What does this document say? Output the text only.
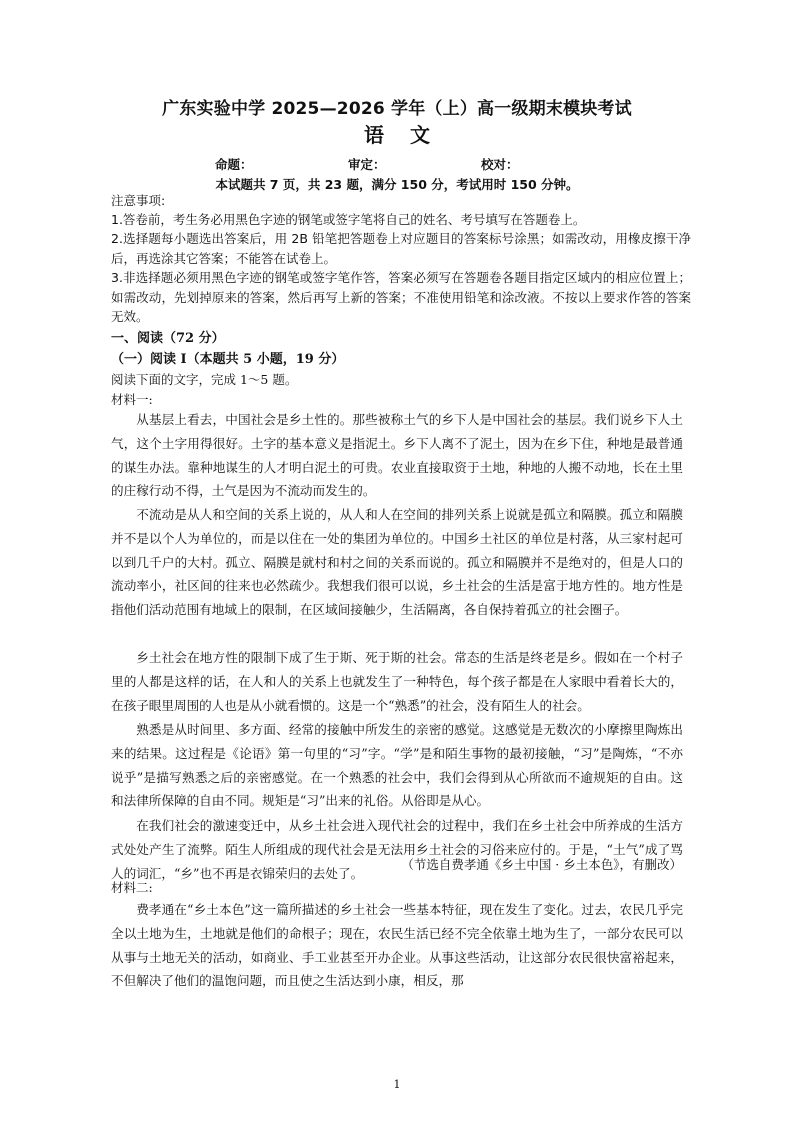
广东实验中学 2025—2026 学年（上）高一级期末模块考试
语文
命题：	审定：	校对：
本试题共 7 页，共 23 题，满分 150 分，考试用时 150 分钟。
注意事项:
1.答卷前，考生务必用黑色字迹的钢笔或签字笔将自己的姓名、考号填写在答题卷上。
2.选择题每小题选出答案后，用 2B 铅笔把答题卷上对应题目的答案标号涂黑；如需改动，用橡皮擦干净后，再选涂其它答案；不能答在试卷上。
3.非选择题必须用黑色字迹的钢笔或签字笔作答，答案必须写在答题卷各题目指定区域内的相应位置上；如需改动，先划掉原来的答案，然后再写上新的答案；不准使用铅笔和涂改液。不按以上要求作答的答案无效。
一、阅读（72 分）
（一）阅读 I（本题共 5 小题，19 分）
阅读下面的文字，完成 1～5 题。
材料一:
从基层上看去，中国社会是乡土性的。那些被称土气的乡下人是中国社会的基层。我们说乡下人土气，这个土字用得很好。土字的基本意义是指泥土。乡下人离不了泥土，因为在乡下住，种地是最普通的谋生办法。靠种地谋生的人才明白泥土的可贵。农业直接取资于土地，种地的人搬不动地，长在土里的庄稼行动不得，土气是因为不流动而发生的。
不流动是从人和空间的关系上说的，从人和人在空间的排列关系上说就是孤立和隔膜。孤立和隔膜并不是以个人为单位的，而是以住在一处的集团为单位的。中国乡土社区的单位是村落，从三家村起可以到几千户的大村。孤立、隔膜是就村和村之间的关系而说的。孤立和隔膜并不是绝对的，但是人口的流动率小，社区间的往来也必然疏少。我想我们很可以说，乡土社会的生活是富于地方性的。地方性是指他们活动范围有地域上的限制，在区域间接触少，生活隔离，各自保持着孤立的社会圈子。
乡土社会在地方性的限制下成了生于斯、死于斯的社会。常态的生活是终老是乡。假如在一个村子里的人都是这样的话，在人和人的关系上也就发生了一种特色，每个孩子都是在人家眼中看着长大的，在孩子眼里周围的人也是从小就看惯的。这是一个“熟悉”的社会，没有陌生人的社会。
熟悉是从时间里、多方面、经常的接触中所发生的亲密的感觉。这感觉是无数次的小摩擦里陶炼出来的结果。这过程是《论语》第一句里的“习”字。“学”是和陌生事物的最初接触，“习”是陶炼，“不亦说乎”是描写熟悉之后的亲密感觉。在一个熟悉的社会中，我们会得到从心所欲而不逾规矩的自由。这和法律所保障的自由不同。规矩是“习”出来的礼俗。从俗即是从心。
在我们社会的激速变迁中，从乡土社会进入现代社会的过程中，我们在乡土社会中所养成的生活方式处处产生了流弊。陌生人所组成的现代社会是无法用乡土社会的习俗来应付的。于是，“土气”成了骂人的词汇，“乡”也不再是衣锦荣归的去处了。
（节选自费孝通《乡土中国 · 乡土本色》，有删改）
材料二:
费孝通在“乡土本色”这一篇所描述的乡土社会一些基本特征，现在发生了变化。过去，农民几乎完全以土地为生，土地就是他们的命根子；现在，农民生活已经不完全依靠土地为生了，一部分农民可以从事与土地无关的活动，如商业、手工业甚至开办企业。从事这些活动，让这部分农民很快富裕起来，不但解决了他们的温饱问题，而且使之生活达到小康，相反，那
1
